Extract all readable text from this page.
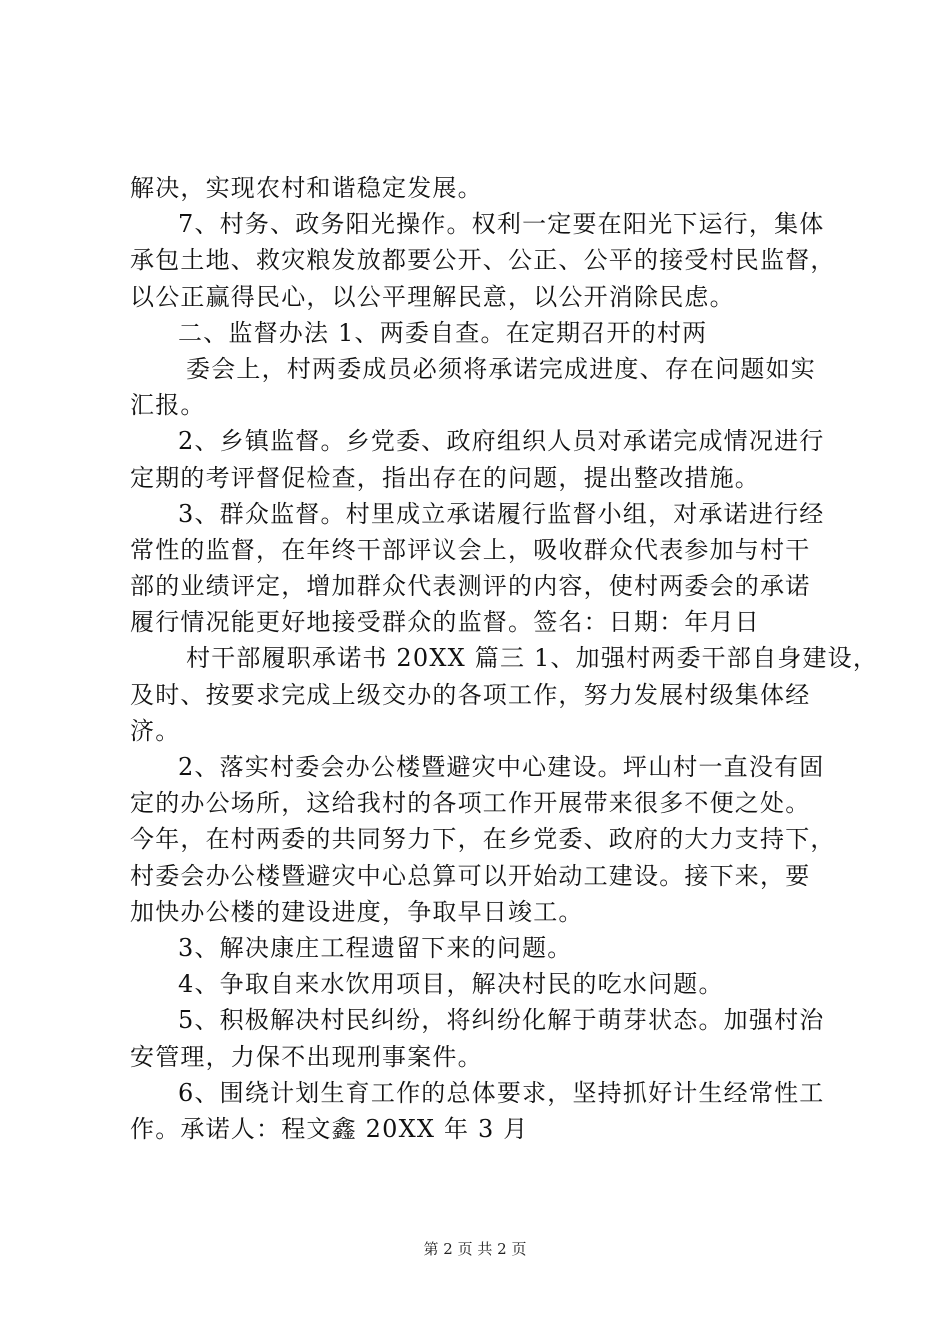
解决，实现农村和谐稳定发展。
7、村务、政务阳光操作。权利一定要在阳光下运行，集体
承包土地、救灾粮发放都要公开、公正、公平的接受村民监督，
以公正赢得民心，以公平理解民意，以公开消除民虑。
二、监督办法 1、两委自查。在定期召开的村两
委会上，村两委成员必须将承诺完成进度、存在问题如实
汇报。
2、乡镇监督。乡党委、政府组织人员对承诺完成情况进行
定期的考评督促检查，指出存在的问题，提出整改措施。
3、群众监督。村里成立承诺履行监督小组，对承诺进行经
常性的监督，在年终干部评议会上，吸收群众代表参加与村干
部的业绩评定，增加群众代表测评的内容，使村两委会的承诺
履行情况能更好地接受群众的监督。签名：日期：年月日
村干部履职承诺书 20XX 篇三 1、加强村两委干部自身建设，
及时、按要求完成上级交办的各项工作，努力发展村级集体经
济。
2、落实村委会办公楼暨避灾中心建设。坪山村一直没有固
定的办公场所，这给我村的各项工作开展带来很多不便之处。
今年，在村两委的共同努力下，在乡党委、政府的大力支持下，
村委会办公楼暨避灾中心总算可以开始动工建设。接下来，要
加快办公楼的建设进度，争取早日竣工。
3、解决康庄工程遗留下来的问题。
4、争取自来水饮用项目，解决村民的吃水问题。
5、积极解决村民纠纷，将纠纷化解于萌芽状态。加强村治
安管理，力保不出现刑事案件。
6、围绕计划生育工作的总体要求，坚持抓好计生经常性工
作。承诺人：程文鑫 20XX 年 3 月
第 2 页 共 2 页
